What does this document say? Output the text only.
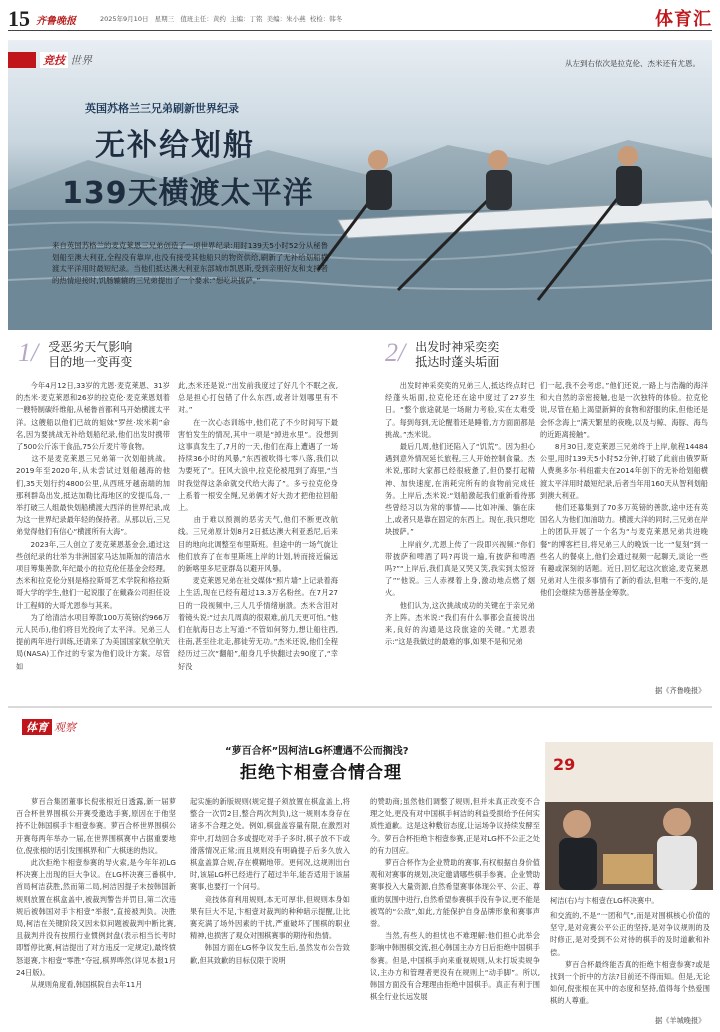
15 齐鲁晚报	2025年9月10日 星期三 值班主任：黄约 主编：丁铭 美编：朱小燕 校检：韩冬	体育汇
竞技 世界	从左到右依次是拉克伦、杰米还有尤恩。
英国苏格兰三兄弟刷新世界纪录
无补给划船
139天横渡太平洋
来自英国苏格兰的麦克莱恩三兄弟创造了一项世界纪录:用时139天5小时52分从秘鲁划船至澳大利亚,全程没有靠岸,也没有接受其他船只的物资供给,刷新了无补给划船横渡太平洋用时最短纪录。当他们抵达澳大利亚东部城市凯恩斯,受到亲朋好友和支持者的热情迎接时,饥肠辘辘的三兄弟提出了一个要求:“想吃块披萨。”
1/ 受恶劣天气影响
目的地一变再变	2/ 出发时神采奕奕
抵达时蓬头垢面
　　今年4月12日,33岁的尤恩·麦克莱恩、31岁的杰米·麦克莱恩和26岁的拉克伦·麦克莱恩划着一艘特制碳纤维船,从秘鲁首都利马开始横渡太平洋。这艘船以他们已故的姐妹“罗丝·埃米莉”命名,因为要挑战无补给划船纪录,他们出发时携带了500公斤冻干食品,75公斤麦片等食物。
　　这不是麦克莱恩三兄弟第一次划船挑战。2019年至2020年,从未尝试过划船越海的他们,35天划行约4800公里,从西班牙越南端的加那利群岛出发,抵达加勒比海地区的安提瓜岛,一举打破三人组最快划船横渡大西洋的世界纪录,成为这一世界纪录最年轻的保持者。从那以后,三兄弟觉得他们有信心“横渡所有大海”。
　　2023年,三人创立了麦克莱恩基金会,通过这些创纪录的壮举为非洲国家马达加斯加的清洁水项目筹集善款,年纪最小的拉克伦任基金会经理。杰米和拉克伦分别是格拉斯哥艺术学院和格拉斯哥大学的学生,他们一起说服了在戴森公司担任设计工程师的大哥尤恩参与其来。
　　为了给清洁水项目筹款100万英镑(约966万元人民币),他们将目光投向了太平洋。兄弟三人提前两年进行训练,还请来了为美国国家航空航天局(NASA)工作过的专家为他们设计方案。尽管如
此,杰米还是说:“出发前我度过了好几个不眠之夜,总是担心打包错了什么东西,或者计划哪里有不对。”
　　在一次心态训练中,他们花了不少时间写下最害怕发生的情况,其中一项是“掉进水里”。没想到这事真发生了,7月的一天,他们在海上遭遇了一场持续36小时的风暴,“东西被吹得七零八落,我们以为要死了”。狂风大浪中,拉克伦被甩到了海里,“当时我觉得这条命就交代给大海了”。多亏拉克伦身上系着一根安全绳,兄弟俩才好大劲才把他拉回船上。
　　由于难以预测的恶劣天气,他们不断更改航线。三兄弟原计划8月2日抵达澳大利亚悉尼,后来目的地向北调整至布里斯班。但途中的一场气旋让他们放弃了在布里斯班上岸的计划,转而接近偏远的新喀里多尼亚群岛以避开风暴。
　　麦克莱恩兄弟在社交媒体“照片墙”上记录着海上生活,现在已经有超过13.3万名粉丝。在7月27日的一段视频中,三人几乎情绪崩溃。杰米含泪对着镜头说:“过去几周真的很艰难,前几天更可怕。”他们在航海日志上写道:“不管如何努力,想让船往西,往南,甚至往北走,都徒劳无功。”杰米还说,他们全程经历过三次“翻船”,船身几乎快翻过去90度了,“幸好没
　　出发时神采奕奕的兄弟三人,抵达终点时已经蓬头垢面,拉克伦还在途中度过了27岁生日。“整个旅途就是一场耐力考验,实在太难受了。每到每到,无论醒着还是睡着,方方面面都是挑战。”杰米说。
　　最后几周,他们还陷入了“饥荒”。因为担心遇到意外情况延长旅程,三人开始控制食量。杰米说,那时大家都已经很疲惫了,但仍要打起精神、加快速度,在消耗完所有的食物前完成任务。上岸后,杰米说:“划船激起我们重新看待那些曾经习以为常的事情——比如冲澡、躺在床上,或者只是靠在固定的东西上。现在,我只想吃块披萨。”
　　上岸前夕,尤恩上传了一段即兴视频:“你们带披萨和啤酒了吗?再说一遍,有披萨和啤酒吗?”“上岸后,我们真是又哭又笑,我实到太惊讶了”“他说。三人赤裸着上身,激动地点燃了烟火。
　　他们认为,这次挑战成功的关键在于亲兄弟齐上阵。杰米说:“我们有什么事都会直接说出来,良好的沟通是这段旅途的关键。”尤恩表示:“这是我做过的最难的事,如果不是和兄弟
们一起,我不会考虑。”他们还说,一路上与浩瀚的海洋和大自然的亲密接触,也是一次独特的体验。拉克伦说,尽管在船上渴望新鲜的食物和舒服的床,但他还是会怀念海上“满天繁星的夜晚,以及与鲸、海豚、海鸟的近距离接触”。
　　8月30日,麦克莱恩三兄弟终于上岸,航程14484公里,用时139天5小时52分钟,打破了此前由俄罗斯人费奥多尔·科纽霍夫在2014年创下的无补给划船横渡太平洋用时最短纪录,后者当年用160天从智利划船到澳大利亚。
　　他们还募集到了70多万英镑的善款,途中还有英国名人为他们加油助力。横渡大洋的同时,三兄弟在岸上的团队开展了一个名为“与麦克莱恩兄弟共进晚餐”的博客栏目,将兄弟三人的晚饭一比一“复刻”到一些名人的餐桌上,他们会通过视频一起聊天,谈论一些有趣或深刻的话题。近日,回忆起这次旅途,麦克莱恩兄弟对人生很多事情有了新的看法,但唯一不变的,是他们会继续为慈善基金筹款。
据《齐鲁晚报》
体育 观察
“萝百合杯”因柯洁LG杯遭遇不公而搁浅?
拒绝卞相壹合情合理	29
柯洁(右)与卞相壹在LG杯决赛中。
　　萝百合集团董事长倪张根近日透露,新一届萝百合杯世界围棋公开赛受邀选手赛,原因在于他坚持不让韩国棋手卞相壹参赛。萝百合杯世界围棋公开赛每两年举办一届,在世界围棋赛中占据重要地位,倪张根的话引发围棋界和广大棋迷的热议。
　　此次拒绝卞相壹参赛的导火索,是今年年初LG杯决赛上出现的巨大争议。在LG杯决赛三番棋中,首局柯洁获胜,然而第二局,柯洁因提子未按韩国新规则放置在棋盒盖中,被裁判警告并罚目,第二次违规后被韩国对手卞相壹“举报”,直接被判负。决胜局,柯洁在关键阶段又因未似问题被裁判中断比赛,且裁判并没有按照行业惯例封盘(表示相当长考时即暂停比赛,柯洁提出了对方违反一定规定),最终愤怒退赛,卞相壹“零胜”夺冠,棋界哗然(详见本报1月24日版)。
　　从规则角度看,韩国棋院自去年11月
起实施的新版规则(规定提子须放置在棋盒盖上,将整合一次罚2目,整合两次判负),这一规则本身存在诸多不合理之处。例如,棋盘盖容量有限,在激烈对弈中,打劫回合多或提吃对手子多时,棋子放不下或滑落情况正常;而且规则没有明确提子后多久放入棋盒盖算合规,存在模糊地带。更何况,这规则出台时,该届LG杯已经进行了超过半年,能否适用于该届赛事,也要打一个问号。
　　竞技体育利用规则,本无可厚非,但规则本身如果有巨大不足,卞相壹对裁判的种种暗示提醒,让比赛充满了场外因素的干扰,严重破坏了围棋的职业精神,也损害了观众对围棋赛事的期待和热情。
　　韩国方面在LG杯争议发生后,虽然发布公告致歉,但其致歉的目标仅限于说明
的赞助商;虽然他们调整了规则,但并未真正改变不合理之处,更没有对中国棋手柯洁的利益受损给予任何实质性道歉。这是这种敷衍态度,让运场争议持续发酵至今。萝百合杯拒绝卞相壹参赛,正是对LG杯不公正之处的有力回应。
　　萝百合杯作为企业赞助的赛事,有权根据自身价值观和对赛事的规划,决定邀请哪些棋手参赛。企业赞助赛事投入大量资源,自然希望赛事体现公平、公正、尊重的氛围中进行,自然希望参赛棋手没有争议,更不能是被骂的“公敌”,如此,方能保护自身品牌形象和赛事声誉。
　　当然,有些人的担忧也不难理解:他们担心此举会影响中韩围棋交流,担心韩国主办方日后拒绝中国棋手参赛。但是,中国棋手向来重视规则,从未打坂卖规争议,主办方和管理者更没有在规则上“动手脚”。所以,韩国方面没有合理理由拒绝中国棋手。真正有利于围棋全行业长远发展
和交流的,不是“一团和气”,而是对围棋核心价值的坚守,是对竞赛公平公正的坚持,是对争议规则的及时修正,是对受到不公对待的棋手的及时道歉和补偿。
　　萝百合杯最终能否真的拒绝卞相壹参赛?或是找到一个折中的方法?目前还不得而知。但是,无论如何,倪张根在其中的态度和坚持,值得每个热爱围棋的人尊重。
据《羊城晚报》
